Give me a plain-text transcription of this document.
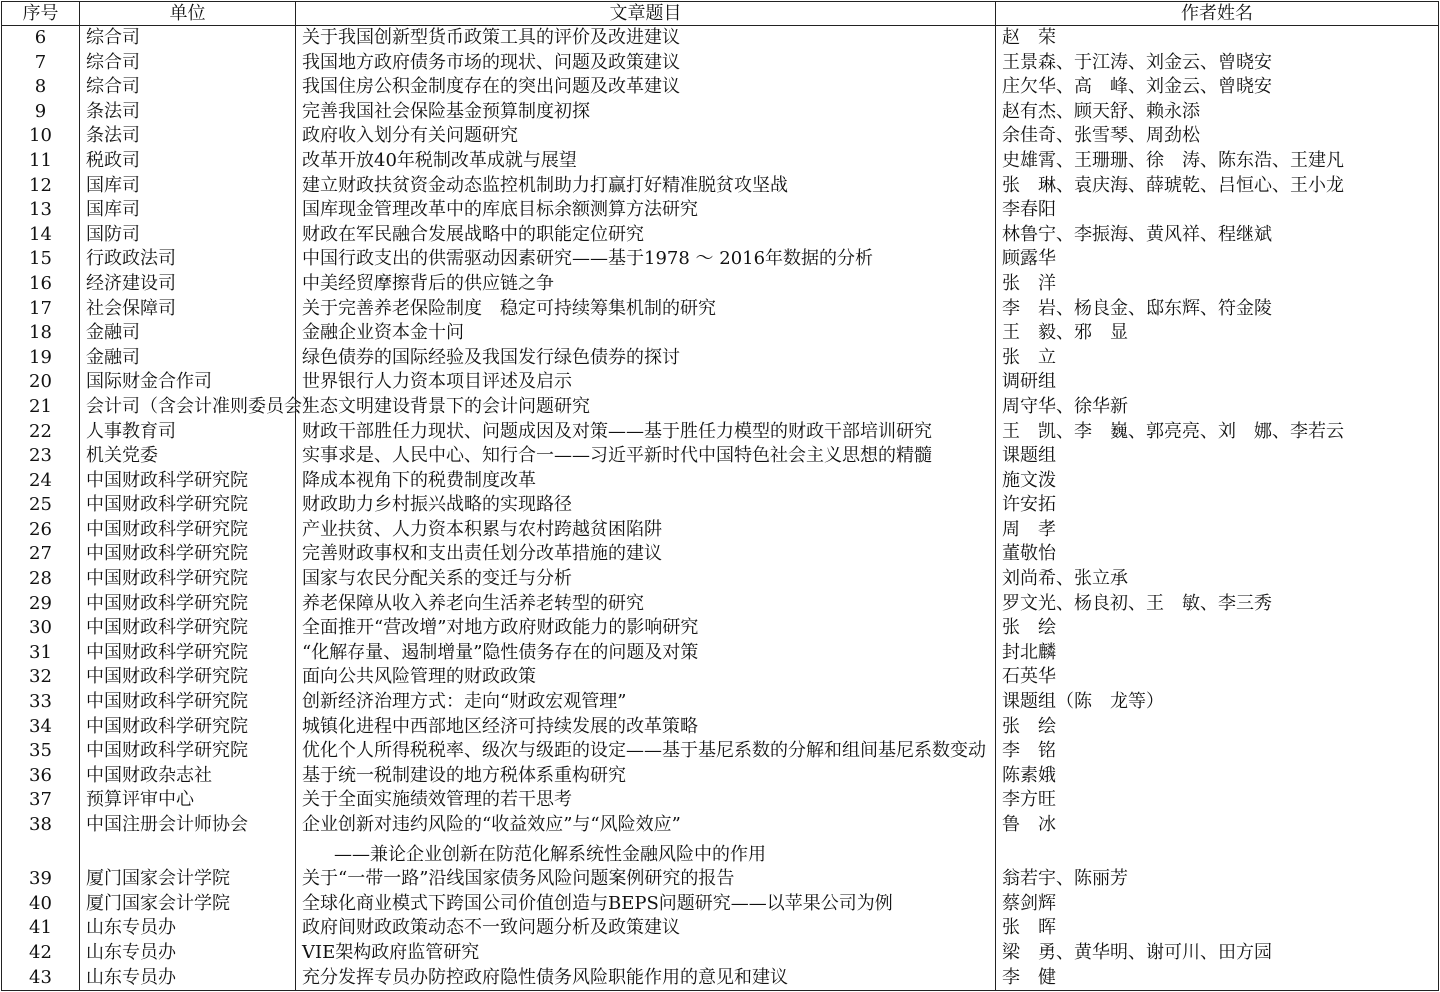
序号	单位	文章题目	作者姓名
6	综合司	关于我国创新型货币政策工具的评价及改进建议	赵　荣
7	综合司	我国地方政府债务市场的现状、问题及政策建议	王景森、于江涛、刘金云、曾晓安
8	综合司	我国住房公积金制度存在的突出问题及改革建议	庄欠华、高　峰、刘金云、曾晓安
9	条法司	完善我国社会保险基金预算制度初探	赵有杰、顾天舒、赖永添
10	条法司	政府收入划分有关问题研究	余佳奇、张雪琴、周劲松
11	税政司	改革开放40年税制改革成就与展望	史雄霄、王珊珊、徐　涛、陈东浩、王建凡
12	国库司	建立财政扶贫资金动态监控机制助力打赢打好精准脱贫攻坚战	张　琳、袁庆海、薛琥乾、吕恒心、王小龙
13	国库司	国库现金管理改革中的库底目标余额测算方法研究	李春阳
14	国防司	财政在军民融合发展战略中的职能定位研究	林鲁宁、李振海、黄风祥、程继斌
15	行政政法司	中国行政支出的供需驱动因素研究——基于1978 ～ 2016年数据的分析	顾露华
16	经济建设司	中美经贸摩擦背后的供应链之争	张　洋
17	社会保障司	关于完善养老保险制度　稳定可持续筹集机制的研究	李　岩、杨良金、邸东辉、符金陵
18	金融司	金融企业资本金十问	王　毅、邪　显
19	金融司	绿色债券的国际经验及我国发行绿色债券的探讨	张　立
20	国际财金合作司	世界银行人力资本项目评述及启示	调研组
21	会计司（含会计准则委员会）	生态文明建设背景下的会计问题研究	周守华、徐华新
22	人事教育司	财政干部胜任力现状、问题成因及对策——基于胜任力模型的财政干部培训研究	王　凯、李　巍、郭亮亮、刘　娜、李若云
23	机关党委	实事求是、人民中心、知行合一——习近平新时代中国特色社会主义思想的精髓	课题组
24	中国财政科学研究院	降成本视角下的税费制度改革	施文泼
25	中国财政科学研究院	财政助力乡村振兴战略的实现路径	许安拓
26	中国财政科学研究院	产业扶贫、人力资本积累与农村跨越贫困陷阱	周　孝
27	中国财政科学研究院	完善财政事权和支出责任划分改革措施的建议	董敬怡
28	中国财政科学研究院	国家与农民分配关系的变迁与分析	刘尚希、张立承
29	中国财政科学研究院	养老保障从收入养老向生活养老转型的研究	罗文光、杨良初、王　敏、李三秀
30	中国财政科学研究院	全面推开“营改增”对地方政府财政能力的影响研究	张　绘
31	中国财政科学研究院	“化解存量、遏制增量”隐性债务存在的问题及对策	封北麟
32	中国财政科学研究院	面向公共风险管理的财政政策	石英华
33	中国财政科学研究院	创新经济治理方式：走向“财政宏观管理”	课题组（陈　龙等）
34	中国财政科学研究院	城镇化进程中西部地区经济可持续发展的改革策略	张　绘
35	中国财政科学研究院	优化个人所得税税率、级次与级距的设定——基于基尼系数的分解和组间基尼系数变动	李　铭
36	中国财政杂志社	基于统一税制建设的地方税体系重构研究	陈素娥
37	预算评审中心	关于全面实施绩效管理的若干思考	李方旺
38	中国注册会计师协会	企业创新对违约风险的“收益效应”与“风险效应”	鲁　冰

		——兼论企业创新在防范化解系统性金融风险中的作用	
39	厦门国家会计学院	关于“一带一路”沿线国家债务风险问题案例研究的报告	翁若宇、陈丽芳
40	厦门国家会计学院	全球化商业模式下跨国公司价值创造与BEPS问题研究——以苹果公司为例	蔡剑辉
41	山东专员办	政府间财政政策动态不一致问题分析及政策建议	张　晖
42	山东专员办	VIE架构政府监管研究	梁　勇、黄华明、谢可川、田方园
43	山东专员办	充分发挥专员办防控政府隐性债务风险职能作用的意见和建议	李　健
